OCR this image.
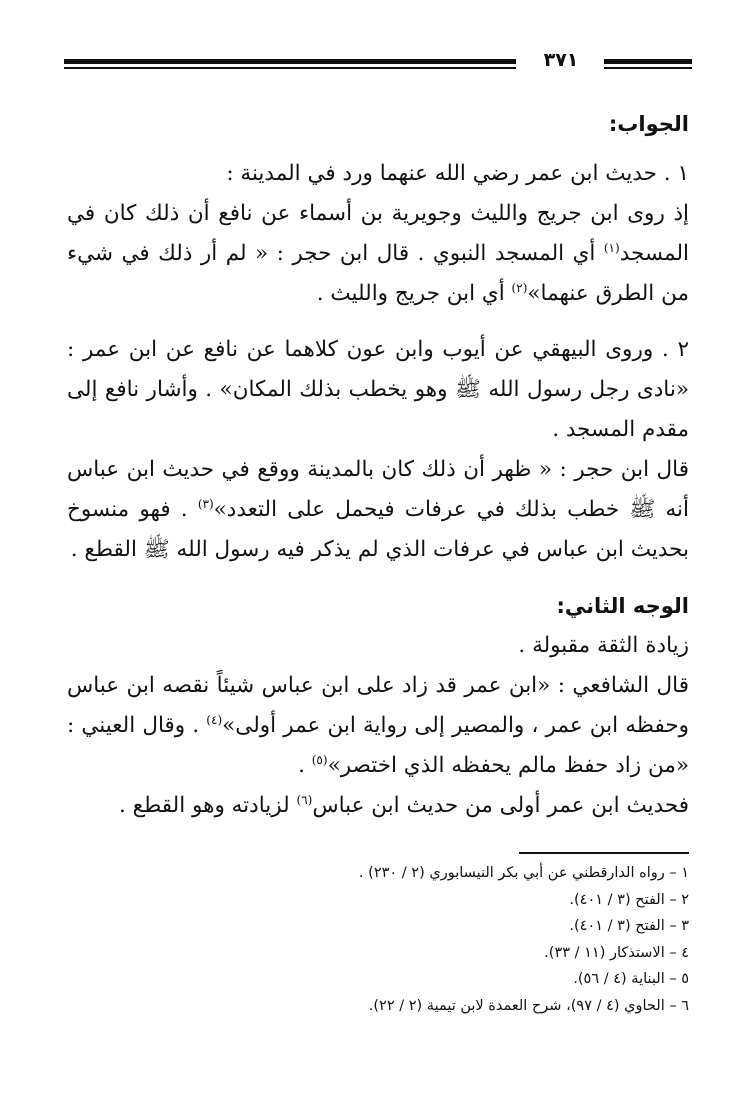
٣٧١

الجواب:

١ . حديث ابن عمر رضي الله عنهما ورد في المدينة :

إذ روى ابن جريج والليث وجويرية بن أسماء عن نافع أن ذلك كان في المسجد$^{(١)}$ أي المسجد النبوي . قال ابن حجر : « لم أر ذلك في شيء من الطرق عنهما»$^{(٢)}$ أي ابن جريج والليث .

٢ . وروى البيهقي عن أيوب وابن عون كلاهما عن نافع عن ابن عمر : «نادى رجل رسول الله ﷺ وهو يخطب بذلك المكان» . وأشار نافع إلى مقدم المسجد .

قال ابن حجر : « ظهر أن ذلك كان بالمدينة ووقع في حديث ابن عباس أنه ﷺ خطب بذلك في عرفات فيحمل على التعدد»$^{(٣)}$ . فهو منسوخ بحديث ابن عباس في عرفات الذي لم يذكر فيه رسول الله ﷺ القطع .

الوجه الثاني:

زيادة الثقة مقبولة .

قال الشافعي : «ابن عمر قد زاد على ابن عباس شيئاً نقصه ابن عباس وحفظه ابن عمر ، والمصير إلى رواية ابن عمر أولى»$^{(٤)}$ . وقال العيني : «من زاد حفظ مالم يحفظه الذي اختصر»$^{(٥)}$ .

فحديث ابن عمر أولى من حديث ابن عباس$^{(٦)}$ لزيادته وهو القطع .

١ – رواه الدارقطني عن أبي بكر النيسابوري (٢ / ٢٣٠) .
٢ – الفتح (٣ / ٤٠١).
٣ – الفتح (٣ / ٤٠١).
٤ – الاستذكار (١١ / ٣٣).
٥ – البناية (٤ / ٥٦).
٦ – الحاوي (٤ / ٩٧)، شرح العمدة لابن تيمية (٢ / ٢٢).
